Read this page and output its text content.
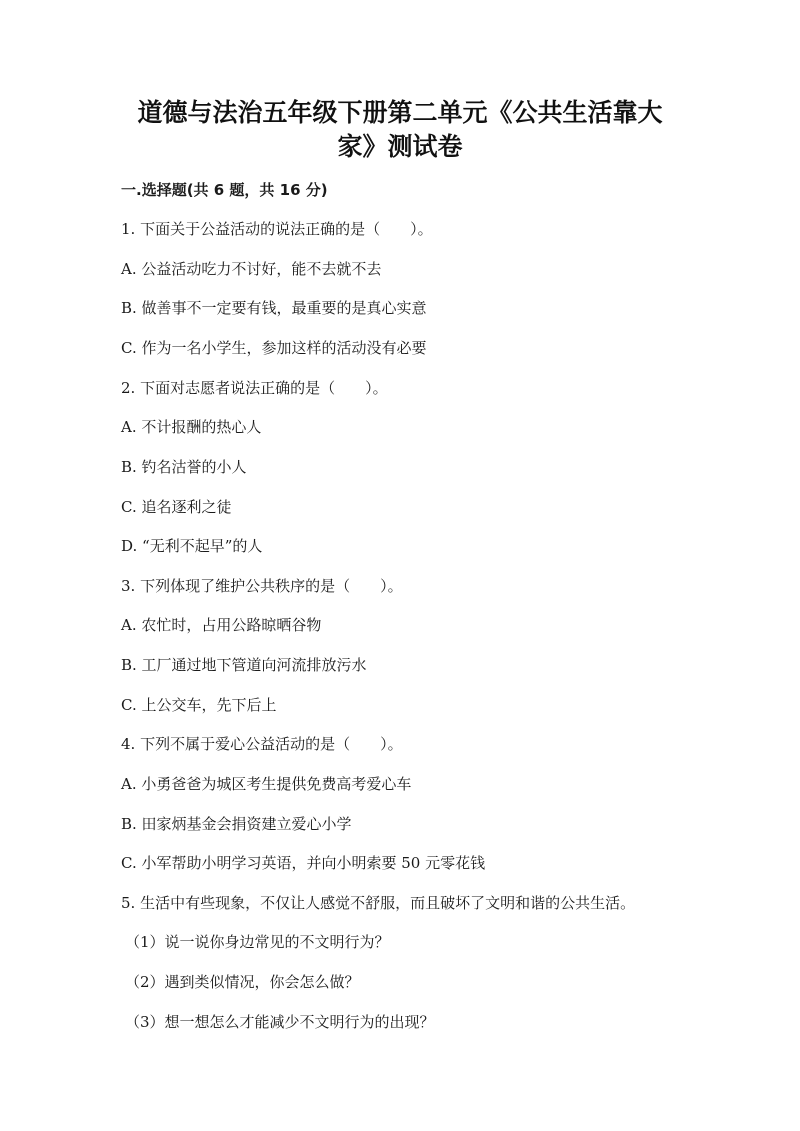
道德与法治五年级下册第二单元《公共生活靠大
家》测试卷
一.选择题(共 6 题，共 16 分)
1. 下面关于公益活动的说法正确的是（　　）。
A. 公益活动吃力不讨好，能不去就不去
B. 做善事不一定要有钱，最重要的是真心实意
C. 作为一名小学生，参加这样的活动没有必要
2. 下面对志愿者说法正确的是（　　）。
A. 不计报酬的热心人
B. 钓名沽誉的小人
C. 追名逐利之徒
D. “无利不起早”的人
3. 下列体现了维护公共秩序的是（　　）。
A. 农忙时，占用公路晾晒谷物
B. 工厂通过地下管道向河流排放污水
C. 上公交车，先下后上
4. 下列不属于爱心公益活动的是（　　）。
A. 小勇爸爸为城区考生提供免费高考爱心车
B. 田家炳基金会捐资建立爱心小学
C. 小军帮助小明学习英语，并向小明索要 50 元零花钱
5. 生活中有些现象，不仅让人感觉不舒服，而且破坏了文明和谐的公共生活。
（1）说一说你身边常见的不文明行为？
（2）遇到类似情况，你会怎么做？
（3）想一想怎么才能减少不文明行为的出现？
